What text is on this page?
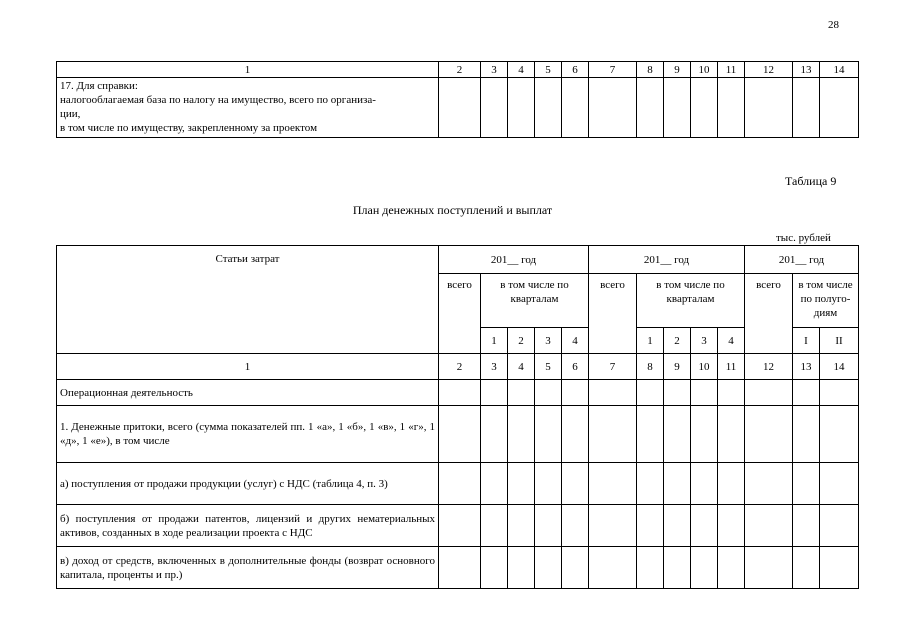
28
1	2	3	4	5	6	7	8	9	10	11	12	13	14

17. Для справки:
налогооблагаемая база по налогу на имущество, всего по организа-
ции,
в том числе по имуществу, закрепленному за проектом													

Таблица 9
План денежных поступлений и выплат
тыс. рублей
Статьи затрат	201__ год					201__ год					201__ год		
	всего	в том числе по кварталам				всего	в том числе по кварталам				всего	в том числе по полуго-диям	
		1	2	3	4		1	2	3	4		I	II
1	2	3	4	5	6	7	8	9	10	11	12	13	14
Операционная деятельность													
1. Денежные притоки, всего (сумма показателей пп. 1 «а», 1 «б», 1 «в», 1 «г», 1 «д», 1 «е»), в том числе													
а) поступления от продажи продукции (услуг) с НДС (таблица 4, п. 3)													
б) поступления от продажи патентов, лицензий и других нематериальных активов, созданных в ходе реализации проекта с НДС													
в) доход от средств, включенных в дополнительные фонды (возврат основного капитала, проценты и пр.)													
